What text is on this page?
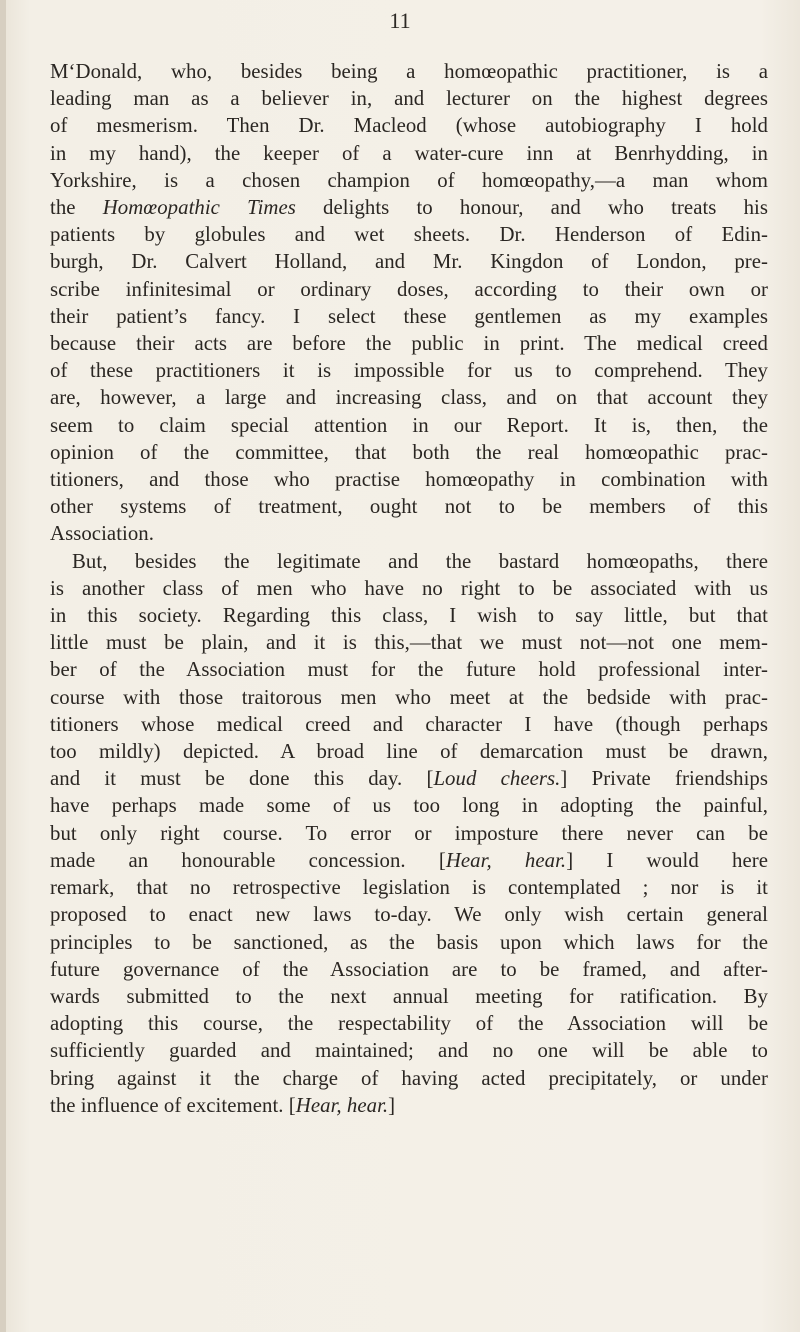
11
M‘Donald, who, besides being a homœopathic practitioner, is a
leading man as a believer in, and lecturer on the highest degrees
of mesmerism. Then Dr. Macleod (whose autobiography I hold
in my hand), the keeper of a water-cure inn at Benrhydding, in
Yorkshire, is a chosen champion of homœopathy,—a man whom
the Homœopathic Times delights to honour, and who treats his
patients by globules and wet sheets. Dr. Henderson of Edin-
burgh, Dr. Calvert Holland, and Mr. Kingdon of London, pre-
scribe infinitesimal or ordinary doses, according to their own or
their patient’s fancy. I select these gentlemen as my examples
because their acts are before the public in print. The medical creed
of these practitioners it is impossible for us to comprehend. They
are, however, a large and increasing class, and on that account they
seem to claim special attention in our Report. It is, then, the
opinion of the committee, that both the real homœopathic prac-
titioners, and those who practise homœopathy in combination with
other systems of treatment, ought not to be members of this
Association.
But, besides the legitimate and the bastard homœopaths, there
is another class of men who have no right to be associated with us
in this society. Regarding this class, I wish to say little, but that
little must be plain, and it is this,—that we must not—not one mem-
ber of the Association must for the future hold professional inter-
course with those traitorous men who meet at the bedside with prac-
titioners whose medical creed and character I have (though perhaps
too mildly) depicted. A broad line of demarcation must be drawn,
and it must be done this day. [Loud cheers.] Private friendships
have perhaps made some of us too long in adopting the painful,
but only right course. To error or imposture there never can be
made an honourable concession. [Hear, hear.] I would here
remark, that no retrospective legislation is contemplated ; nor is it
proposed to enact new laws to-day. We only wish certain general
principles to be sanctioned, as the basis upon which laws for the
future governance of the Association are to be framed, and after-
wards submitted to the next annual meeting for ratification. By
adopting this course, the respectability of the Association will be
sufficiently guarded and maintained; and no one will be able to
bring against it the charge of having acted precipitately, or under
the influence of excitement. [Hear, hear.]
